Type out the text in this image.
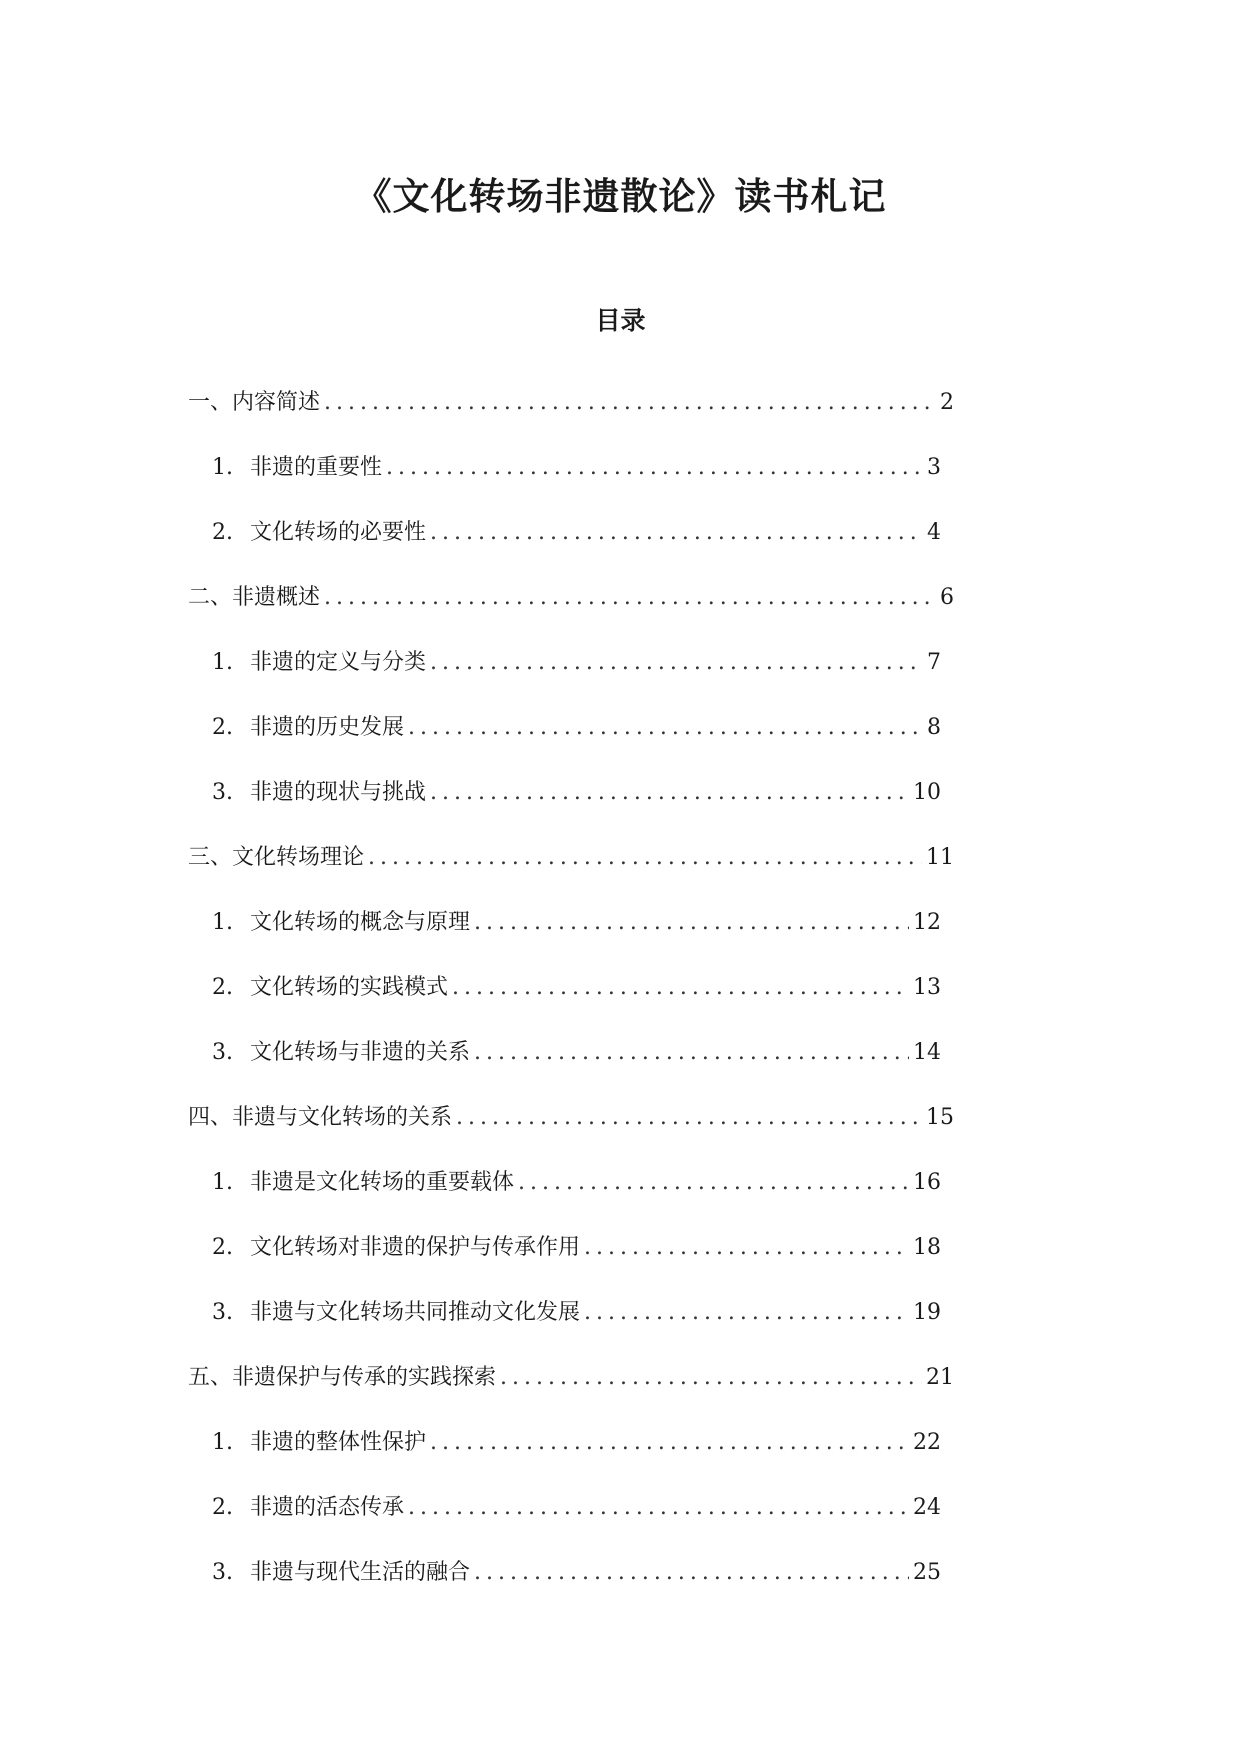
《文化转场非遗散论》读书札记
目录
一、内容简述 .....	2
1. 非遗的重要性 .....	3
2. 文化转场的必要性 .....	4
二、非遗概述 .....	6
1. 非遗的定义与分类 .....	7
2. 非遗的历史发展 .....	8
3. 非遗的现状与挑战 .....	10
三、文化转场理论 .....	11
1. 文化转场的概念与原理 .....	12
2. 文化转场的实践模式 .....	13
3. 文化转场与非遗的关系 .....	14
四、非遗与文化转场的关系 .....	15
1. 非遗是文化转场的重要载体 .....	16
2. 文化转场对非遗的保护与传承作用 .....	18
3. 非遗与文化转场共同推动文化发展 .....	19
五、非遗保护与传承的实践探索 .....	21
1. 非遗的整体性保护 .....	22
2. 非遗的活态传承 .....	24
3. 非遗与现代生活的融合 .....	25
